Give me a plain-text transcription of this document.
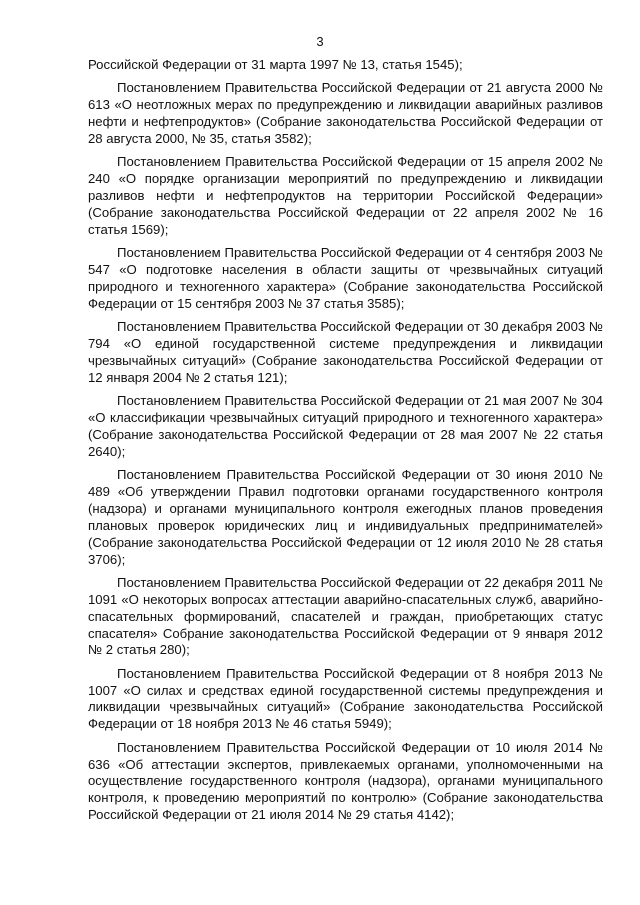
3

Российской Федерации от 31 марта 1997 № 13, статья 1545);

Постановлением Правительства Российской Федерации от 21 августа 2000 № 613 «О неотложных мерах по предупреждению и ликвидации аварийных разливов нефти и нефтепродуктов» (Собрание законодательства Российской Федерации от 28 августа 2000, № 35, статья 3582);

Постановлением Правительства Российской Федерации от 15 апреля 2002 № 240 «О порядке организации мероприятий по предупреждению и ликвидации разливов нефти и нефтепродуктов на территории Российской Федерации» (Собрание законодательства Российской Федерации от 22 апреля 2002 № 16 статья 1569);

Постановлением Правительства Российской Федерации от 4 сентября 2003 № 547 «О подготовке населения в области защиты от чрезвычайных ситуаций природного и техногенного характера» (Собрание законодательства Российской Федерации от 15 сентября 2003 № 37 статья 3585);

Постановлением Правительства Российской Федерации от 30 декабря 2003 № 794 «О единой государственной системе предупреждения и ликвидации чрезвычайных ситуаций» (Собрание законодательства Российской Федерации от 12 января 2004 № 2 статья 121);

Постановлением Правительства Российской Федерации от 21 мая 2007 № 304 «О классификации чрезвычайных ситуаций природного и техногенного характера» (Собрание законодательства Российской Федерации от 28 мая 2007 № 22 статья 2640);

Постановлением Правительства Российской Федерации от 30 июня 2010 № 489 «Об утверждении Правил подготовки органами государственного контроля (надзора) и органами муниципального контроля ежегодных планов проведения плановых проверок юридических лиц и индивидуальных предпринимателей» (Собрание законодательства Российской Федерации от 12 июля 2010 № 28 статья 3706);

Постановлением Правительства Российской Федерации от 22 декабря 2011 № 1091 «О некоторых вопросах аттестации аварийно-спасательных служб, аварийно-спасательных формирований, спасателей и граждан, приобретающих статус спасателя» Собрание законодательства Российской Федерации от 9 января 2012 № 2 статья 280);

Постановлением Правительства Российской Федерации от 8 ноября 2013 № 1007 «О силах и средствах единой государственной системы предупреждения и ликвидации чрезвычайных ситуаций» (Собрание законодательства Российской Федерации от 18 ноября 2013 № 46 статья 5949);

Постановлением Правительства Российской Федерации от 10 июля 2014 № 636 «Об аттестации экспертов, привлекаемых органами, уполномоченными на осуществление государственного контроля (надзора), органами муниципального контроля, к проведению мероприятий по контролю» (Собрание законодательства Российской Федерации от 21 июля 2014 № 29 статья 4142);
